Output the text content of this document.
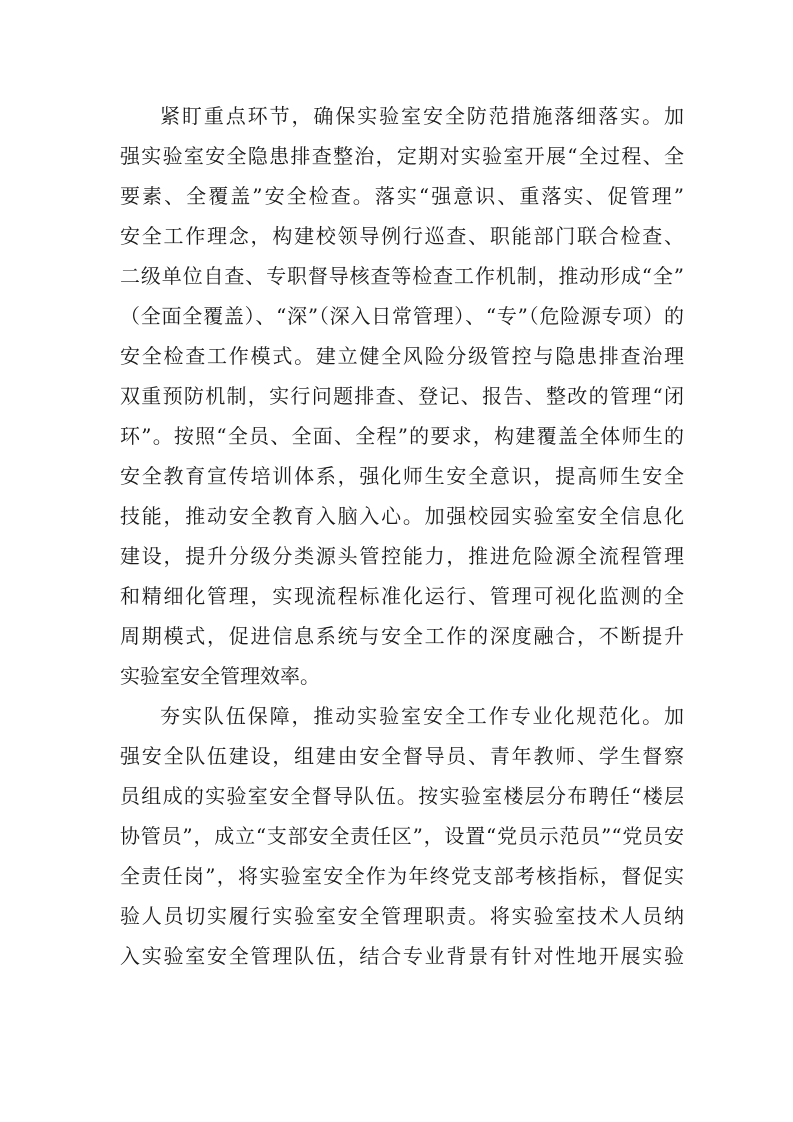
紧盯重点环节，确保实验室安全防范措施落细落实。加
强实验室安全隐患排查整治，定期对实验室开展“全过程、全
要素、全覆盖”安全检查。落实“强意识、重落实、促管理”
安全工作理念，构建校领导例行巡查、职能部门联合检查、
二级单位自查、专职督导核查等检查工作机制，推动形成“全”
（全面全覆盖）、“深”（深入日常管理）、“专”（危险源专项）的
安全检查工作模式。建立健全风险分级管控与隐患排查治理
双重预防机制，实行问题排查、登记、报告、整改的管理“闭
环”。按照“全员、全面、全程”的要求，构建覆盖全体师生的
安全教育宣传培训体系，强化师生安全意识，提高师生安全
技能，推动安全教育入脑入心。加强校园实验室安全信息化
建设，提升分级分类源头管控能力，推进危险源全流程管理
和精细化管理，实现流程标准化运行、管理可视化监测的全
周期模式，促进信息系统与安全工作的深度融合，不断提升
实验室安全管理效率。
夯实队伍保障，推动实验室安全工作专业化规范化。加
强安全队伍建设，组建由安全督导员、青年教师、学生督察
员组成的实验室安全督导队伍。按实验室楼层分布聘任“楼层
协管员”，成立“支部安全责任区”，设置“党员示范员”“党员安
全责任岗”，将实验室安全作为年终党支部考核指标，督促实
验人员切实履行实验室安全管理职责。将实验室技术人员纳
入实验室安全管理队伍，结合专业背景有针对性地开展实验
